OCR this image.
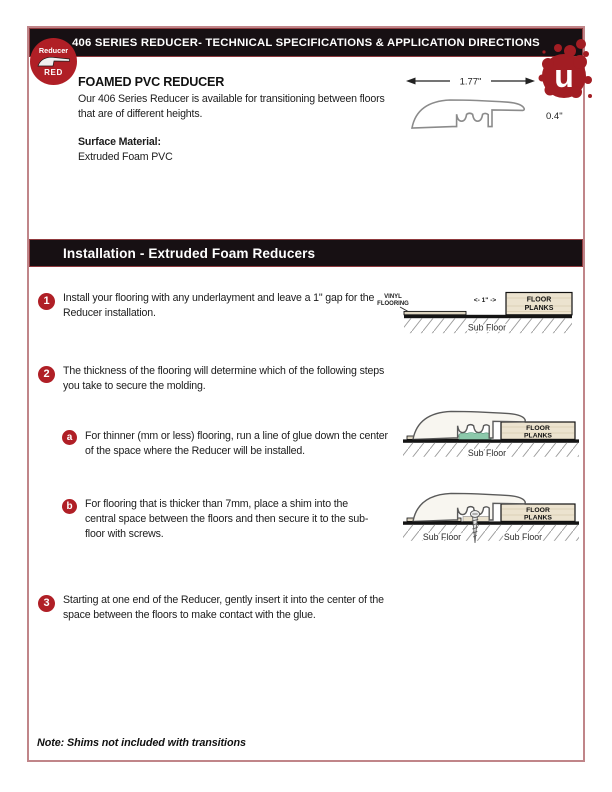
406 SERIES REDUCER- TECHNICAL SPECIFICATIONS & APPLICATION DIRECTIONS
Reducer
RED	u
FOAMED PVC REDUCER
Our 406 Series Reducer is available for transitioning between floors that are of different heights.
Surface Material:
Extruded Foam PVC
1.77"
0.4"
Installation - Extruded Foam Reducers
1	Install your flooring with any underlayment and leave a 1" gap for the Reducer installation.
VINYL
FLOORING
FLOOR
PLANKS
<- 1" ->
Sub Floor
2	The thickness of the flooring will determine which of the following steps you take to secure the molding.
a	For thinner (mm or less) flooring, run a line of glue down the center of the space where the Reducer will be installed.
FLOOR
PLANKS
Sub Floor
b	For flooring that is thicker than 7mm, place a shim into the central space between the floors and then secure it to the sub-floor with screws.
FLOOR
PLANKS
Sub Floor	Sub Floor
3	Starting at one end of the Reducer, gently insert it into the center of the space between the floors to make contact with the glue.
Note: Shims not included with transitions
